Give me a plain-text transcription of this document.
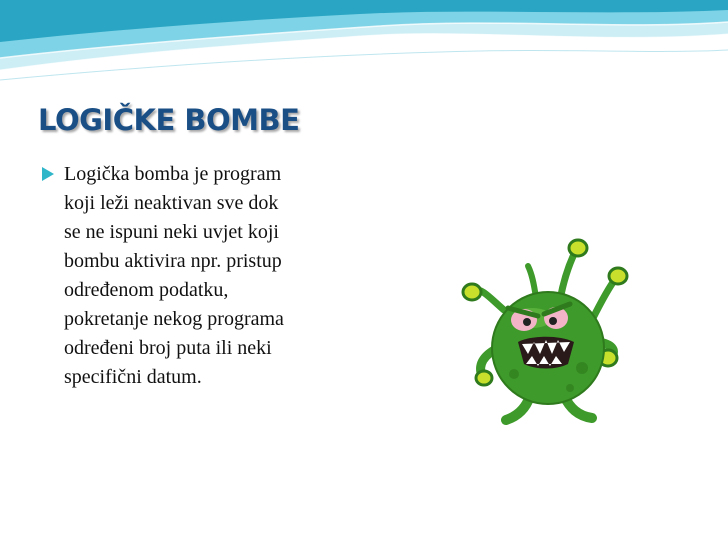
LOGIČKE BOMBE

Logička bomba je program
koji leži neaktivan sve dok
se ne ispuni neki uvjet koji
bombu aktivira npr. pristup
određenom podatku,
pokretanje nekog programa
određeni broj puta ili neki
specifični datum.
